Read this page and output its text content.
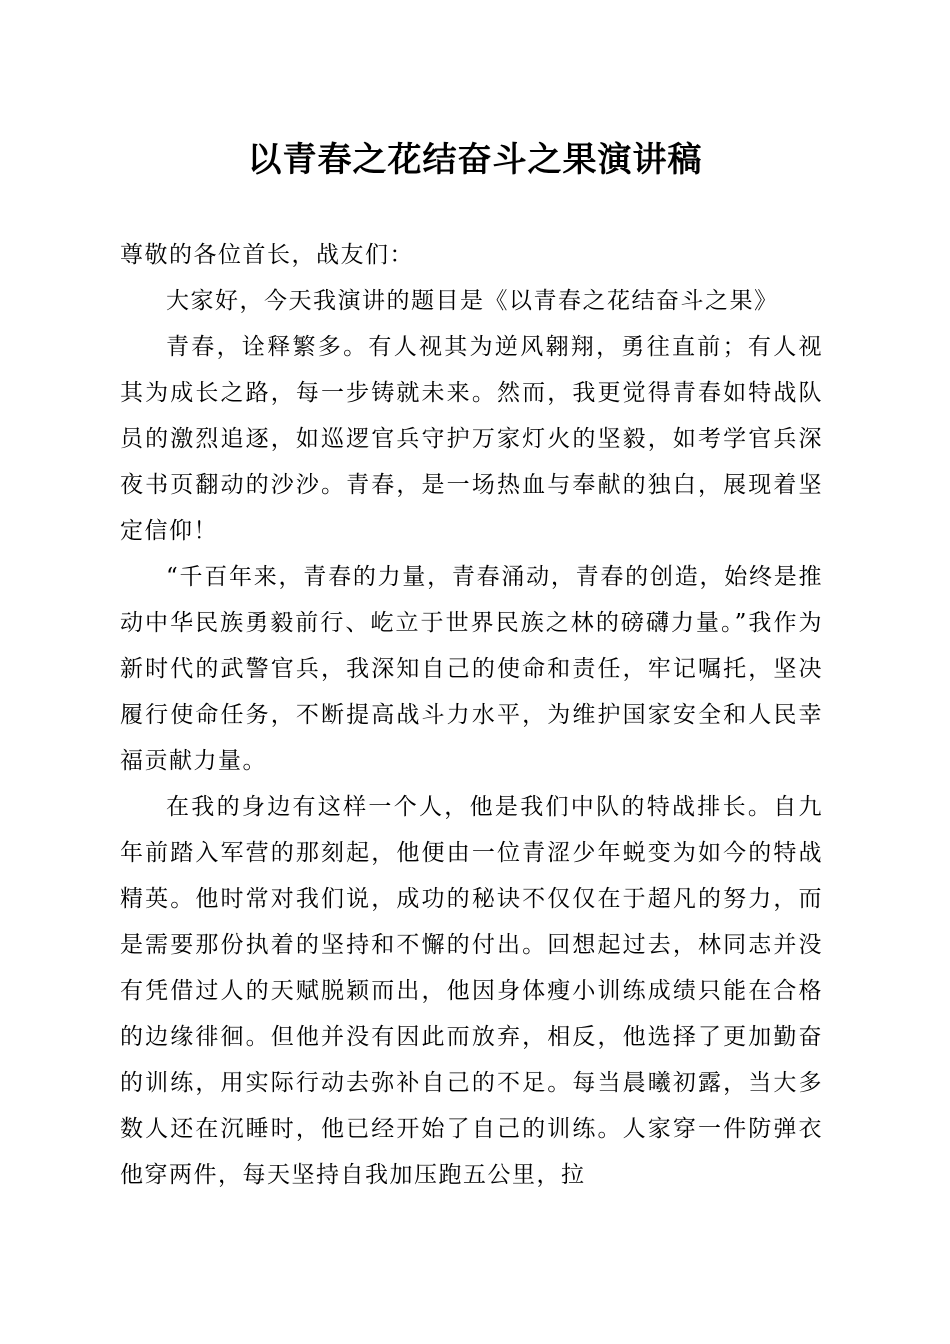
以青春之花结奋斗之果演讲稿

尊敬的各位首长，战友们：

大家好，今天我演讲的题目是《以青春之花结奋斗之果》

青春，诠释繁多。有人视其为逆风翱翔，勇往直前；有人视其为成长之路，每一步铸就未来。然而，我更觉得青春如特战队员的激烈追逐，如巡逻官兵守护万家灯火的坚毅，如考学官兵深夜书页翻动的沙沙。青春，是一场热血与奉献的独白，展现着坚定信仰！

“千百年来，青春的力量，青春涌动，青春的创造，始终是推动中华民族勇毅前行、屹立于世界民族之林的磅礴力量。”我作为新时代的武警官兵，我深知自己的使命和责任，牢记嘱托，坚决履行使命任务，不断提高战斗力水平，为维护国家安全和人民幸福贡献力量。

在我的身边有这样一个人，他是我们中队的特战排长。自九年前踏入军营的那刻起，他便由一位青涩少年蜕变为如今的特战精英。他时常对我们说，成功的秘诀不仅仅在于超凡的努力，而是需要那份执着的坚持和不懈的付出。回想起过去，林同志并没有凭借过人的天赋脱颖而出，他因身体瘦小训练成绩只能在合格的边缘徘徊。但他并没有因此而放弃，相反，他选择了更加勤奋的训练，用实际行动去弥补自己的不足。每当晨曦初露，当大多数人还在沉睡时，他已经开始了自己的训练。人家穿一件防弹衣他穿两件，每天坚持自我加压跑五公里，拉
